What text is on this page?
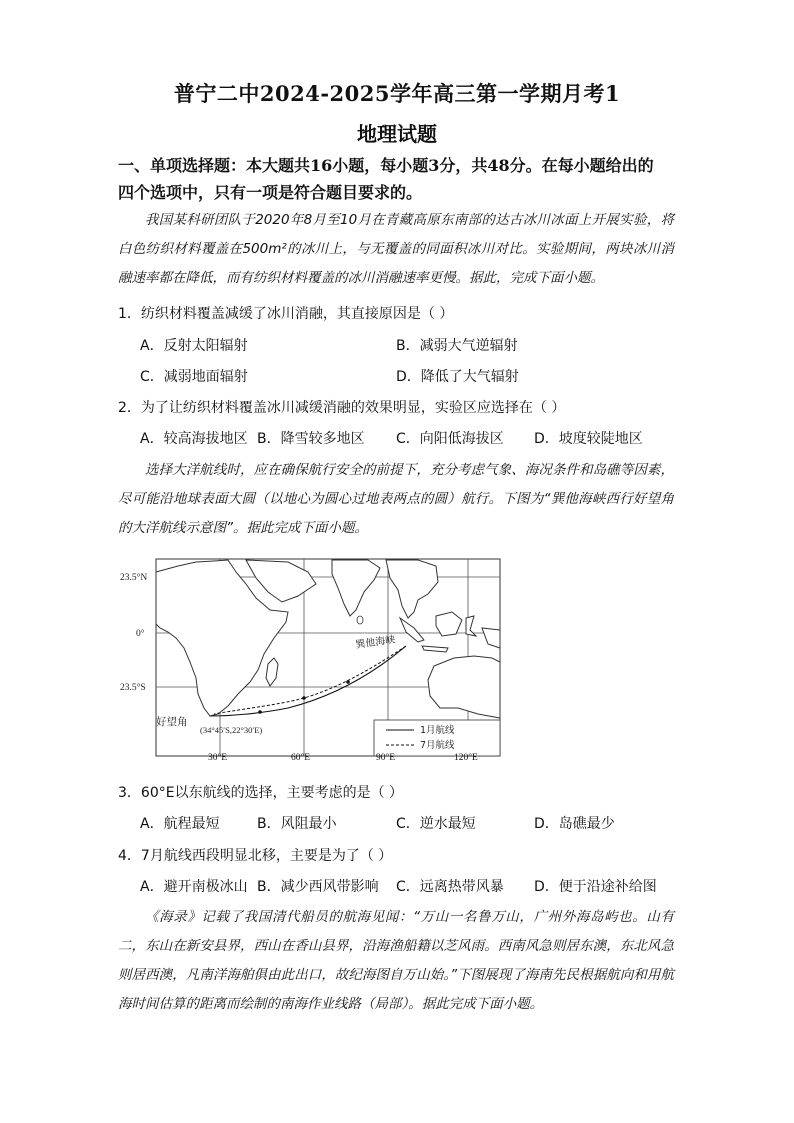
普宁二中2024-2025学年高三第一学期月考1
地理试题
一、单项选择题：本大题共16小题，每小题3分，共48分。在每小题给出的
四个选项中，只有一项是符合题目要求的。
我国某科研团队于2020年8月至10月在青藏高原东南部的达古冰川冰面上开展实验，将白色纺织材料覆盖在500m²的冰川上，与无覆盖的同面积冰川对比。实验期间，两块冰川消融速率都在降低，而有纺织材料覆盖的冰川消融速率更慢。据此，完成下面小题。
1．纺织材料覆盖减缓了冰川消融，其直接原因是（ ）
A．反射太阳辐射	B．减弱大气逆辐射
C．减弱地面辐射	D．降低了大气辐射
2．为了让纺织材料覆盖冰川减缓消融的效果明显，实验区应选择在（ ）
A．较高海拔地区 B．降雪较多地区 C．向阳低海拔区 D．坡度较陡地区
选择大洋航线时，应在确保航行安全的前提下，充分考虑气象、海况条件和岛礁等因素，尽可能沿地球表面大圆（以地心为圆心过地表两点的圆）航行。下图为“巽他海峡西行好望角的大洋航线示意图”。据此完成下面小题。
23.5°N
0°
23.5°S
巽他海峡
好望角
(34°45′S,22°30′E)	1月航线
7月航线
30°E	60°E	90°E	120°E
3．60°E以东航线的选择，主要考虑的是（ ）
A．航程最短	B．风阻最小	C．逆水最短	D．岛礁最少
4．7月航线西段明显北移，主要是为了（ ）
A．避开南极冰山 B．减少西风带影响 C．远离热带风暴 D．便于沿途补给图
《海录》记载了我国清代船员的航海见闻：“万山一名鲁万山，广州外海岛屿也。山有二，东山在新安县界，西山在香山县界，沿海渔船籍以芝风雨。西南风急则居东澳，东北风急则居西澳，凡南洋海舶俱由此出口，故纪海图自万山始。”下图展现了海南先民根据航向和用航海时间估算的距离而绘制的南海作业线路（局部）。据此完成下面小题。
